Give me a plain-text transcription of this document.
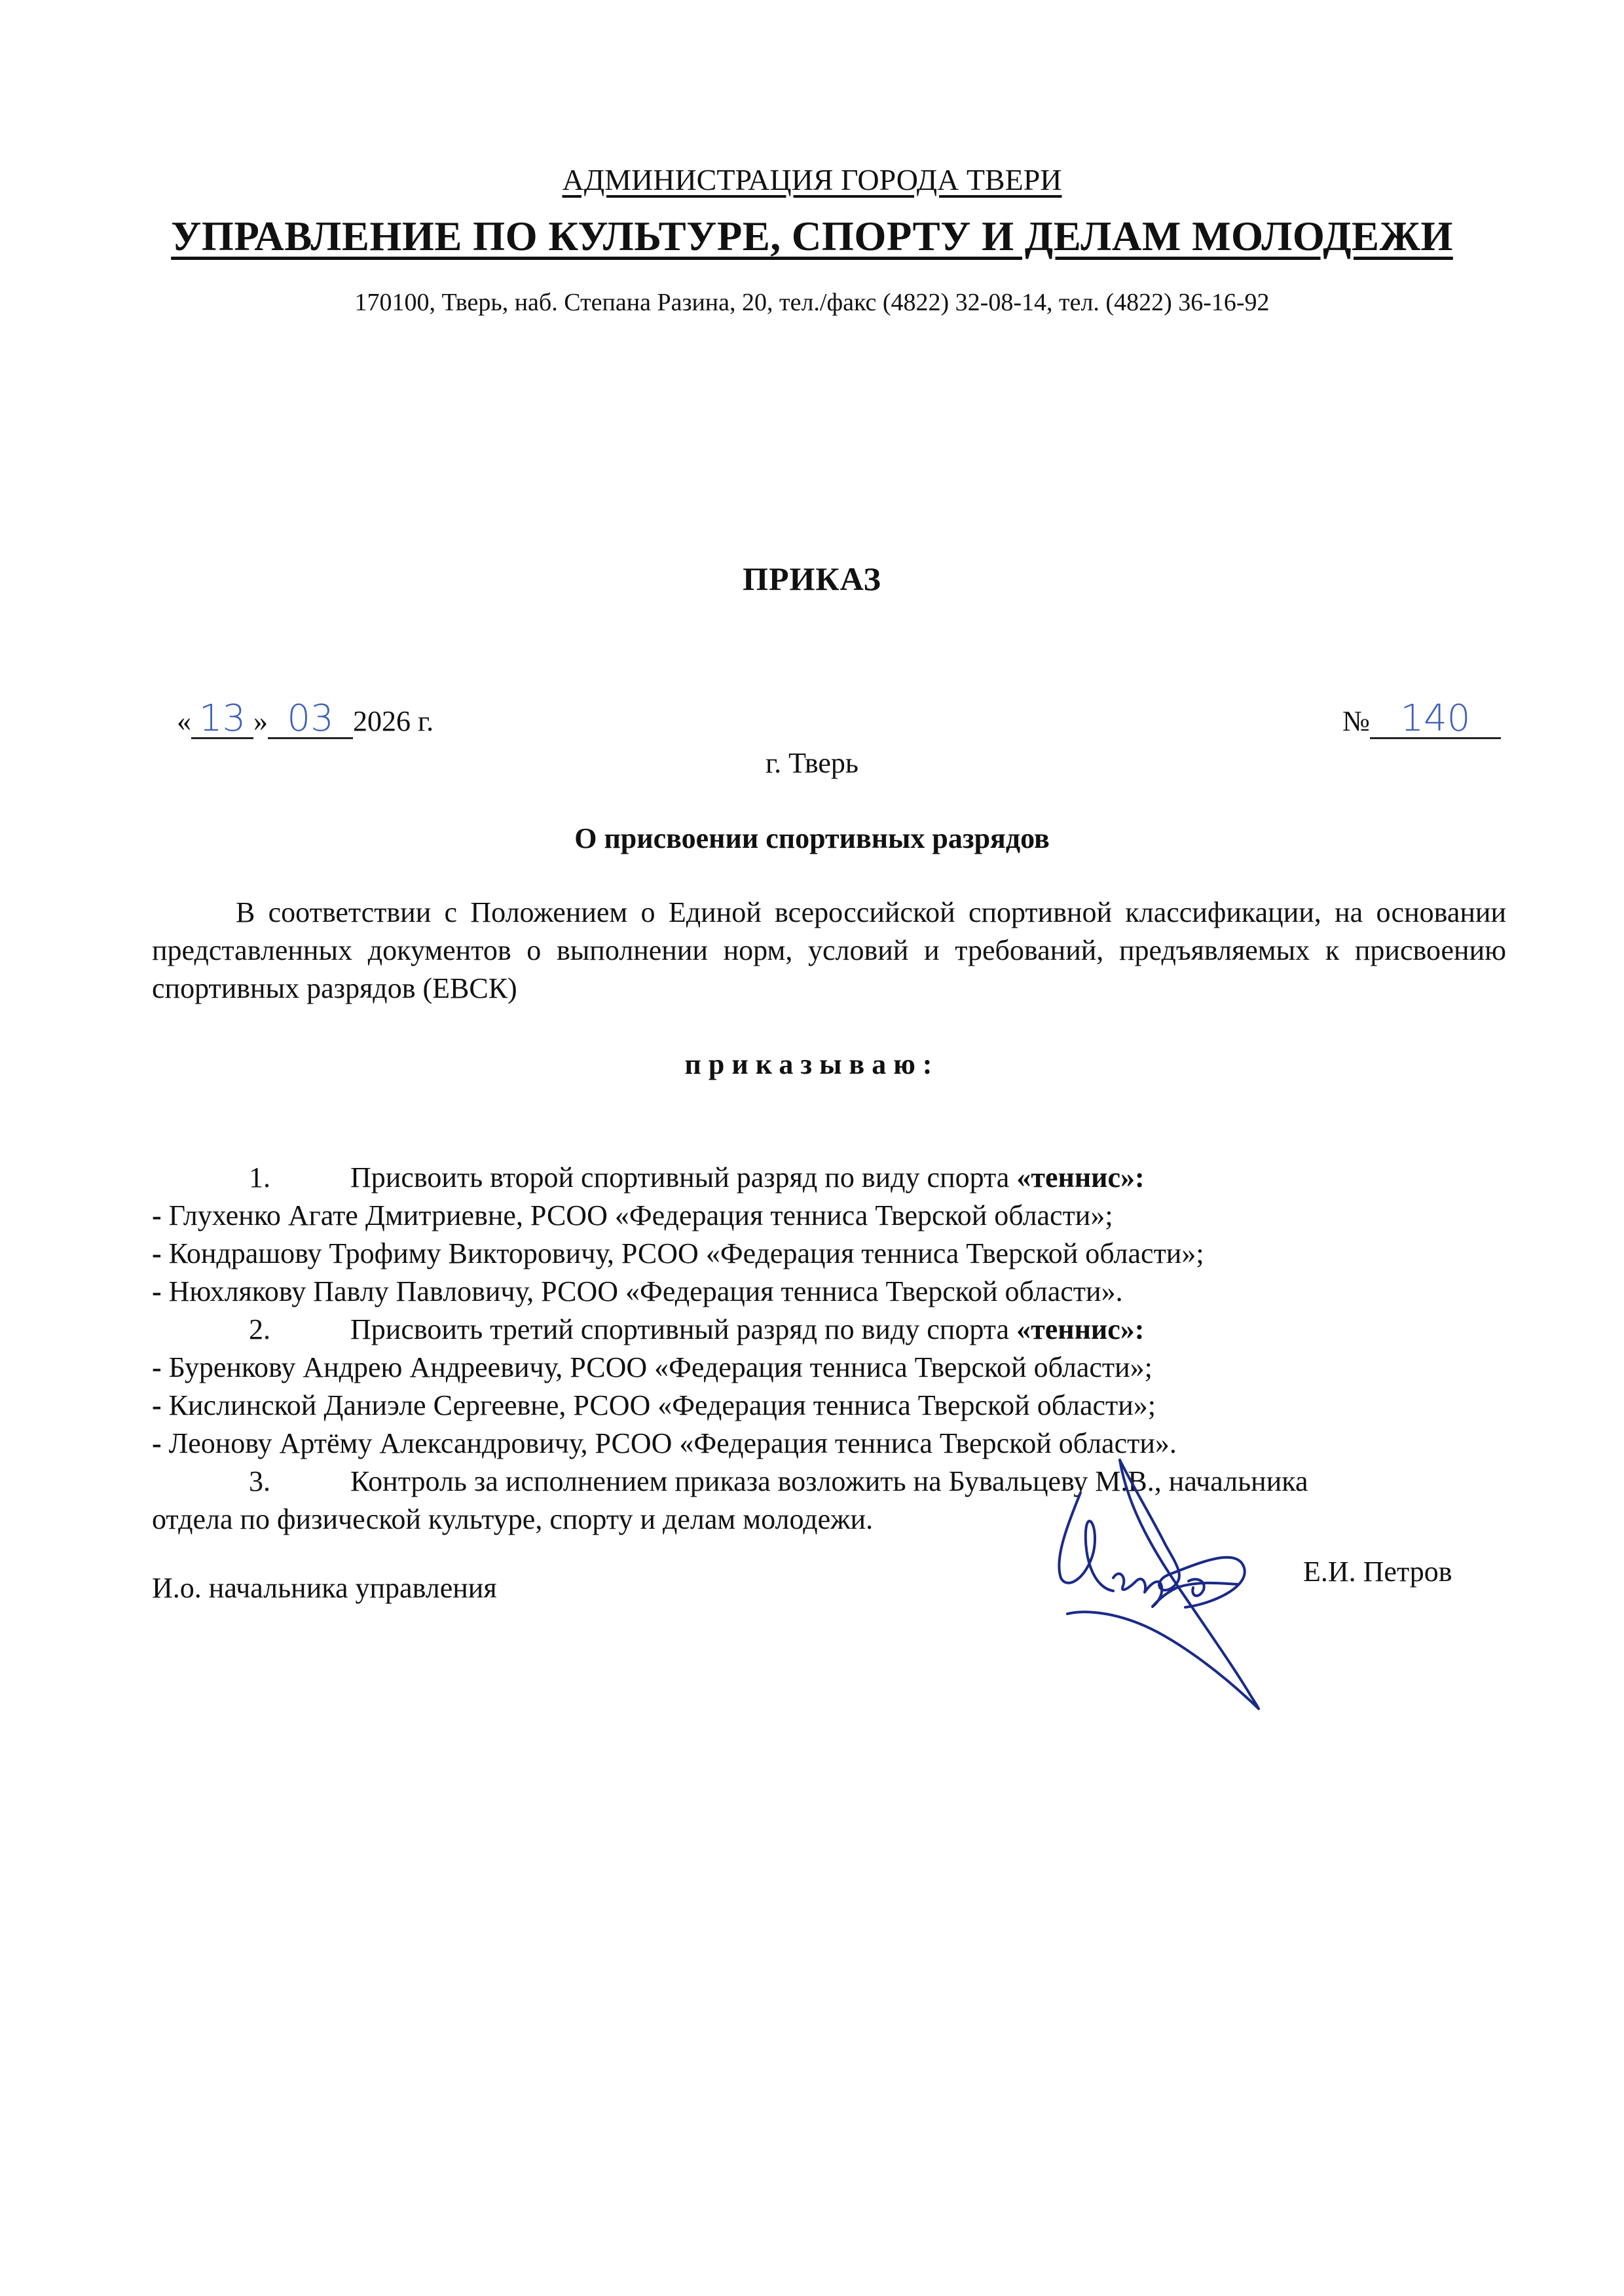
АДМИНИСТРАЦИЯ ГОРОДА ТВЕРИ
УПРАВЛЕНИЕ ПО КУЛЬТУРЕ, СПОРТУ И ДЕЛАМ МОЛОДЕЖИ
170100, Тверь, наб. Степана Разина, 20, тел./факс (4822) 32-08-14, тел. (4822) 36-16-92
ПРИКАЗ
« 13 » 03 2026 г.	№ 140
г. Тверь
О присвоении спортивных разрядов
В соответствии с Положением о Единой всероссийской спортивной классификации, на основании представленных документов о выполнении норм, условий и требований, предъявляемых к присвоению спортивных разрядов (ЕВСК)
приказываю:
1.	Присвоить второй спортивный разряд по виду спорта «теннис»:
- Глухенко Агате Дмитриевне, РСОО «Федерация тенниса Тверской области»;
- Кондрашову Трофиму Викторовичу, РСОО «Федерация тенниса Тверской области»;
- Нюхлякову Павлу Павловичу, РСОО «Федерация тенниса Тверской области».
2.	Присвоить третий спортивный разряд по виду спорта «теннис»:
- Буренкову Андрею Андреевичу, РСОО «Федерация тенниса Тверской области»;
- Кислинской Даниэле Сергеевне, РСОО «Федерация тенниса Тверской области»;
- Леонову Артёму Александровичу, РСОО «Федерация тенниса Тверской области».
3.	Контроль за исполнением приказа возложить на Бувальцеву М.В., начальника
отдела по физической культуре, спорту и делам молодежи.
И.о. начальника управления
Е.И. Петров
